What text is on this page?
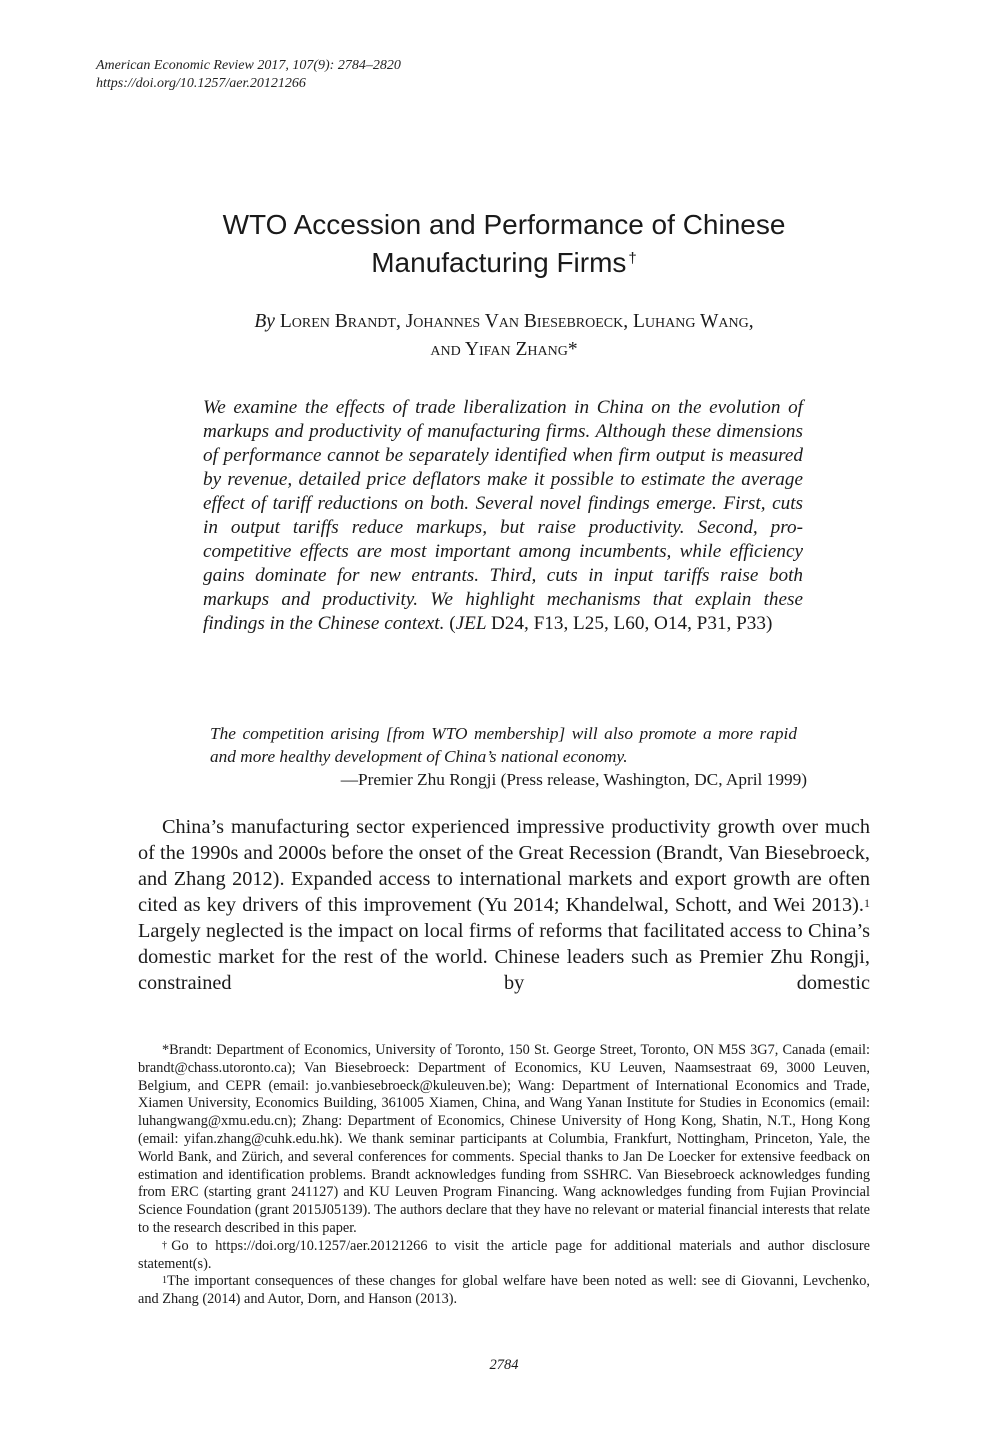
American Economic Review 2017, 107(9): 2784–2820
https://doi.org/10.1257/aer.20121266
WTO Accession and Performance of Chinese
Manufacturing Firms †
By Loren Brandt, Johannes Van Biesebroeck, Luhang Wang,
and Yifan Zhang*
We examine the effects of trade liberalization in China on the evolution of markups and productivity of manufacturing firms. Although these dimensions of performance cannot be separately identified when firm output is measured by revenue, detailed price deflators make it possible to estimate the average effect of tariff reductions on both. Several novel findings emerge. First, cuts in output tariffs reduce markups, but raise productivity. Second, pro-competitive effects are most important among incumbents, while efficiency gains dominate for new entrants. Third, cuts in input tariffs raise both markups and productivity. We highlight mechanisms that explain these findings in the Chinese context. (JEL D24, F13, L25, L60, O14, P31, P33)
The competition arising [from WTO membership] will also promote a more rapid and more healthy development of China’s national economy.
—Premier Zhu Rongji (Press release, Washington, DC, April 1999)

China’s manufacturing sector experienced impressive productivity growth over much of the 1990s and 2000s before the onset of the Great Recession (Brandt, Van Biesebroeck, and Zhang 2012). Expanded access to international markets and export growth are often cited as key drivers of this improvement (Yu 2014; Khandelwal, Schott, and Wei 2013).$^1$ Largely neglected is the impact on local firms of reforms that facilitated access to China’s domestic market for the rest of the world. Chinese leaders such as Premier Zhu Rongji, constrained by domestic

*Brandt: Department of Economics, University of Toronto, 150 St. George Street, Toronto, ON M5S 3G7, Canada (email: brandt@chass.utoronto.ca); Van Biesebroeck: Department of Economics, KU Leuven, Naamsestraat 69, 3000 Leuven, Belgium, and CEPR (email: jo.vanbiesebroeck@kuleuven.be); Wang: Department of International Economics and Trade, Xiamen University, Economics Building, 361005 Xiamen, China, and Wang Yanan Institute for Studies in Economics (email: luhangwang@xmu.edu.cn); Zhang: Department of Economics, Chinese University of Hong Kong, Shatin, N.T., Hong Kong (email: yifan.zhang@cuhk.edu.hk). We thank seminar participants at Columbia, Frankfurt, Nottingham, Princeton, Yale, the World Bank, and Zürich, and several conferences for comments. Special thanks to Jan De Loecker for extensive feedback on estimation and identification problems. Brandt acknowledges funding from SSHRC. Van Biesebroeck acknowledges funding from ERC (starting grant 241127) and KU Leuven Program Financing. Wang acknowledges funding from Fujian Provincial Science Foundation (grant 2015J05139). The authors declare that they have no relevant or material financial interests that relate to the research described in this paper.

†Go to https://doi.org/10.1257/aer.20121266 to visit the article page for additional materials and author disclosure statement(s).

$^1$The important consequences of these changes for global welfare have been noted as well: see di Giovanni, Levchenko, and Zhang (2014) and Autor, Dorn, and Hanson (2013).

2784
